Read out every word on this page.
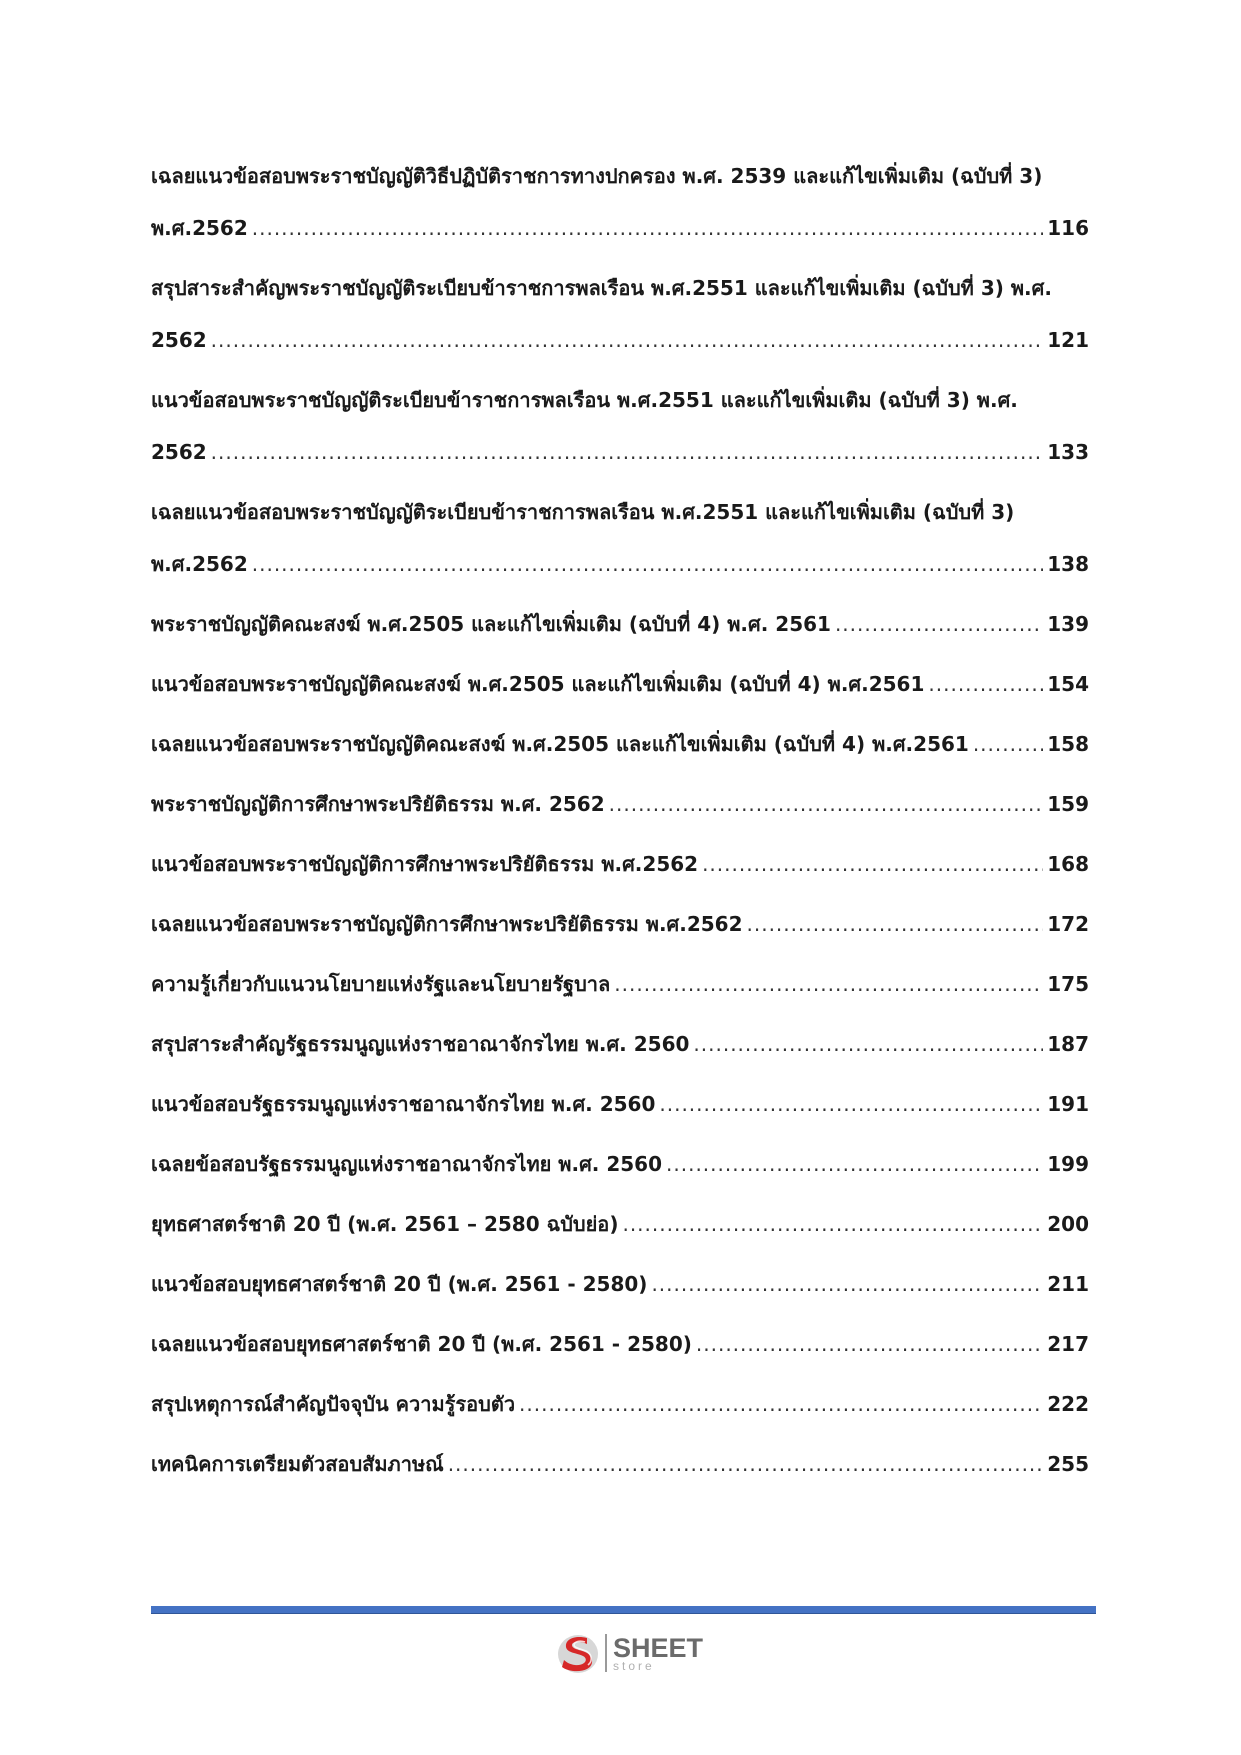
เฉลยแนวข้อสอบพระราชบัญญัติวิธีปฏิบัติราชการทางปกครอง พ.ศ. 2539 และแก้ไขเพิ่มเติม (ฉบับที่ 3)
พ.ศ.2562 .....	116
สรุปสาระสำคัญพระราชบัญญัติระเบียบข้าราชการพลเรือน พ.ศ.2551 และแก้ไขเพิ่มเติม (ฉบับที่ 3) พ.ศ.
2562 .....	121
แนวข้อสอบพระราชบัญญัติระเบียบข้าราชการพลเรือน พ.ศ.2551 และแก้ไขเพิ่มเติม (ฉบับที่ 3) พ.ศ.
2562 .....	133
เฉลยแนวข้อสอบพระราชบัญญัติระเบียบข้าราชการพลเรือน พ.ศ.2551 และแก้ไขเพิ่มเติม (ฉบับที่ 3)
พ.ศ.2562 .....	138
พระราชบัญญัติคณะสงฆ์ พ.ศ.2505 และแก้ไขเพิ่มเติม (ฉบับที่ 4) พ.ศ. 2561 .....	139
แนวข้อสอบพระราชบัญญัติคณะสงฆ์ พ.ศ.2505 และแก้ไขเพิ่มเติม (ฉบับที่ 4) พ.ศ.2561 .....	154
เฉลยแนวข้อสอบพระราชบัญญัติคณะสงฆ์ พ.ศ.2505 และแก้ไขเพิ่มเติม (ฉบับที่ 4) พ.ศ.2561 .....	158
พระราชบัญญัติการศึกษาพระปริยัติธรรม พ.ศ. 2562 .....	159
แนวข้อสอบพระราชบัญญัติการศึกษาพระปริยัติธรรม พ.ศ.2562 .....	168
เฉลยแนวข้อสอบพระราชบัญญัติการศึกษาพระปริยัติธรรม พ.ศ.2562 .....	172
ความรู้เกี่ยวกับแนวนโยบายแห่งรัฐและนโยบายรัฐบาล .....	175
สรุปสาระสำคัญรัฐธรรมนูญแห่งราชอาณาจักรไทย พ.ศ. 2560 .....	187
แนวข้อสอบรัฐธรรมนูญแห่งราชอาณาจักรไทย พ.ศ. 2560 .....	191
เฉลยข้อสอบรัฐธรรมนูญแห่งราชอาณาจักรไทย พ.ศ. 2560 .....	199
ยุทธศาสตร์ชาติ 20 ปี (พ.ศ. 2561 – 2580 ฉบับย่อ) .....	200
แนวข้อสอบยุทธศาสตร์ชาติ 20 ปี (พ.ศ. 2561 - 2580) .....	211
เฉลยแนวข้อสอบยุทธศาสตร์ชาติ 20 ปี (พ.ศ. 2561 - 2580) .....	217
สรุปเหตุการณ์สำคัญปัจจุบัน ความรู้รอบตัว .....	222
เทคนิคการเตรียมตัวสอบสัมภาษณ์ .....	255
SHEET
store
